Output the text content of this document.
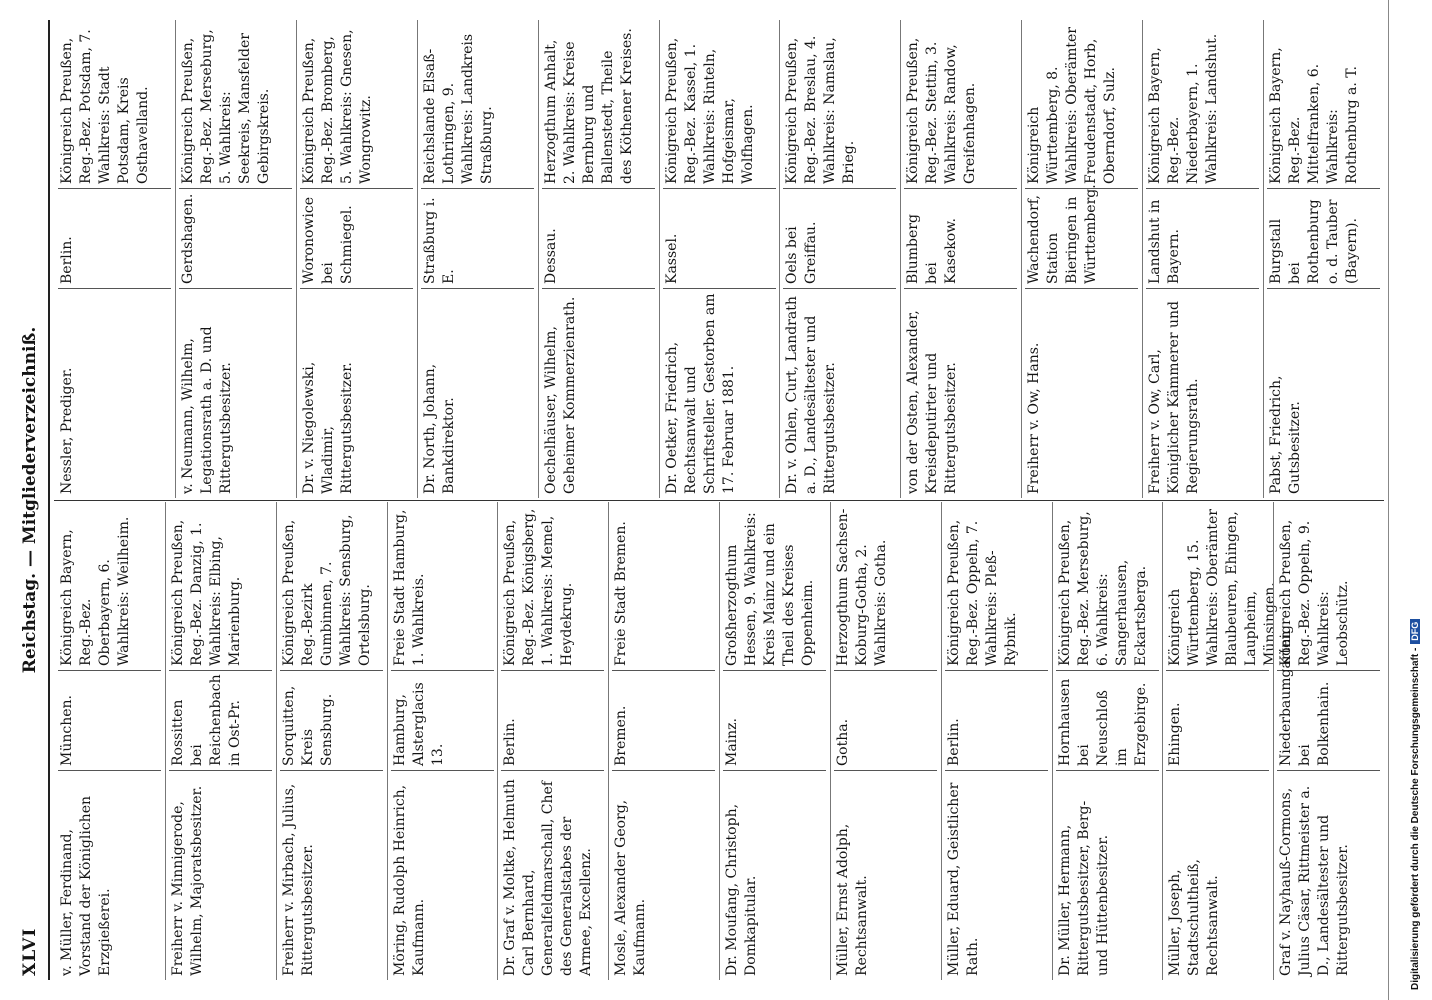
XLVI
Reichstag. — Mitgliederverzeichniß.
v. Müller, Ferdinand, Vorstand der Königlichen Erzgießerei.
München.
Königreich Bayern, Reg.-Bez. Oberbayern, 6. Wahlkreis: Weilheim.
Freiherr v. Minnigerode, Wilhelm, Majoratsbesitzer.
Rossitten bei Reichenbach in Ost-Pr.
Königreich Preußen, Reg.-Bez. Danzig, 1. Wahlkreis: Elbing, Marienburg.
Freiherr v. Mirbach, Julius, Rittergutsbesitzer.
Sorquitten, Kreis Sensburg.
Königreich Preußen, Reg.-Bezirk Gumbinnen, 7. Wahlkreis: Sensburg, Ortelsburg.
Möring, Rudolph Heinrich, Kaufmann.
Hamburg, Alsterglacis 13.
Freie Stadt Hamburg, 1. Wahlkreis.
Dr. Graf v. Moltke, Helmuth Carl Bernhard, Generalfeldmarschall, Chef des Generalstabes der Armee, Excellenz.
Berlin.
Königreich Preußen, Reg.-Bez. Königsberg, 1. Wahlkreis: Memel, Heydekrug.
Mosle, Alexander Georg, Kaufmann.
Bremen.
Freie Stadt Bremen.
Dr. Moufang, Christoph, Domkapitular.
Mainz.
Großherzogthum Hessen, 9. Wahlkreis: Kreis Mainz und ein Theil des Kreises Oppenheim.
Müller, Ernst Adolph, Rechtsanwalt.
Gotha.
Herzogthum Sachsen-Koburg-Gotha, 2. Wahlkreis: Gotha.
Müller, Eduard, Geistlicher Rath.
Berlin.
Königreich Preußen, Reg.-Bez. Oppeln, 7. Wahlkreis: Pleß-Rybnik.
Dr. Müller, Hermann, Rittergutsbesitzer, Berg- und Hüttenbesitzer.
Hornhausen bei Neuschloß im Erzgebirge.
Königreich Preußen, Reg.-Bez. Merseburg, 6. Wahlkreis: Sangerhausen, Eckartsberga.
Müller, Joseph, Stadtschultheiß, Rechtsanwalt.
Ehingen.
Königreich Württemberg, 15. Wahlkreis: Oberämter Blaubeuren, Ehingen, Laupheim, Münsingen.
Graf v. Nayhauß-Cormons, Julius Cäsar, Rittmeister a. D., Landesältester und Rittergutsbesitzer.
Niederbaumgarten bei Bolkenhain.
Königreich Preußen, Reg.-Bez. Oppeln, 9. Wahlkreis: Leobschütz.
Nessler, Prediger.
Berlin.
Königreich Preußen, Reg.-Bez. Potsdam, 7. Wahlkreis: Stadt Potsdam, Kreis Osthavelland.
v. Neumann, Wilhelm, Legationsrath a. D. und Rittergutsbesitzer.
Gerdshagen.
Königreich Preußen, Reg.-Bez. Merseburg, 5. Wahlkreis: Seekreis, Mansfelder Gebirgskreis.
Dr. v. Niegolewski, Wladimir, Rittergutsbesitzer.
Woronowice bei Schmiegel.
Königreich Preußen, Reg.-Bez. Bromberg, 5. Wahlkreis: Gnesen, Wongrowitz.
Dr. North, Johann, Bankdirektor.
Straßburg i. E.
Reichslande Elsaß-Lothringen, 9. Wahlkreis: Landkreis Straßburg.
Oechelhäuser, Wilhelm, Geheimer Kommerzienrath.
Dessau.
Herzogthum Anhalt, 2. Wahlkreis: Kreise Bernburg und Ballenstedt, Theile des Köthener Kreises.
Dr. Oetker, Friedrich, Rechtsanwalt und Schriftsteller. Gestorben am 17. Februar 1881.
Kassel.
Königreich Preußen, Reg.-Bez. Kassel, 1. Wahlkreis: Rinteln, Hofgeismar, Wolfhagen.
Dr. v. Ohlen, Curt, Landrath a. D., Landesältester und Rittergutsbesitzer.
Oels bei Greiffau.
Königreich Preußen, Reg.-Bez. Breslau, 4. Wahlkreis: Namslau, Brieg.
von der Osten, Alexander, Kreisdeputirter und Rittergutsbesitzer.
Blumberg bei Kasekow.
Königreich Preußen, Reg.-Bez. Stettin, 3. Wahlkreis: Randow, Greifenhagen.
Freiherr v. Ow, Hans.
Wachendorf, Station Bieringen in Württemberg.
Königreich Württemberg, 8. Wahlkreis: Oberämter Freudenstadt, Horb, Oberndorf, Sulz.
Freiherr v. Ow, Carl, Königlicher Kämmerer und Regierungsrath.
Landshut in Bayern.
Königreich Bayern, Reg.-Bez. Niederbayern, 1. Wahlkreis: Landshut.
Pabst, Friedrich, Gutsbesitzer.
Burgstall bei Rothenburg o. d. Tauber (Bayern).
Königreich Bayern, Reg.-Bez. Mittelfranken, 6. Wahlkreis: Rothenburg a. T.
Digitalisierung gefördert durch die Deutsche Forschungsgemeinschaft -DFG
